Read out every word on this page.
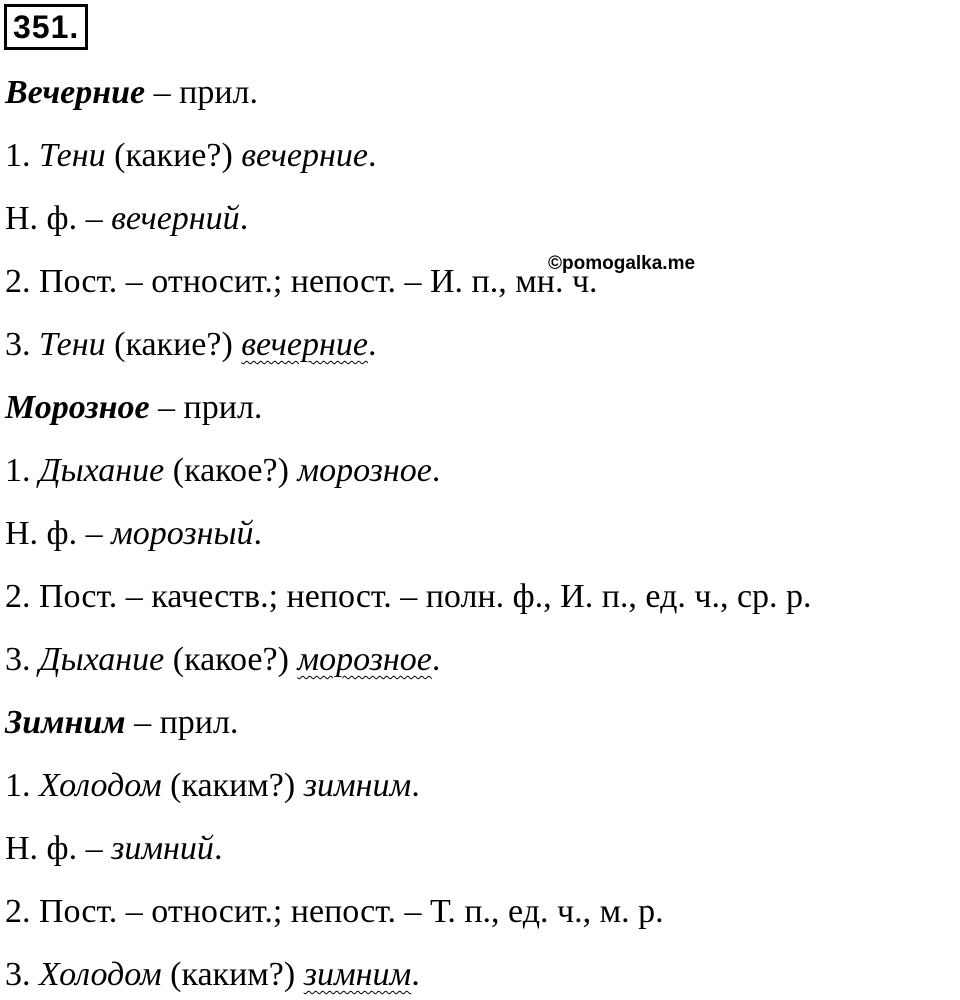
351.
Вечерние – прил.
1. Тени (какие?) вечерние.
Н. ф. – вечерний.
2. Пост. – относит.; непост. – И. п., мн. ч.
3. Тени (какие?) вечерние.
Морозное – прил.
1. Дыхание (какое?) морозное.
Н. ф. – морозный.
2. Пост. – качеств.; непост. – полн. ф., И. п., ед. ч., ср. р.
3. Дыхание (какое?) морозное.
Зимним – прил.
1. Холодом (каким?) зимним.
Н. ф. – зимний.
2. Пост. – относит.; непост. – Т. п., ед. ч., м. р.
3. Холодом (каким?) зимним.
©pomogalka.me
